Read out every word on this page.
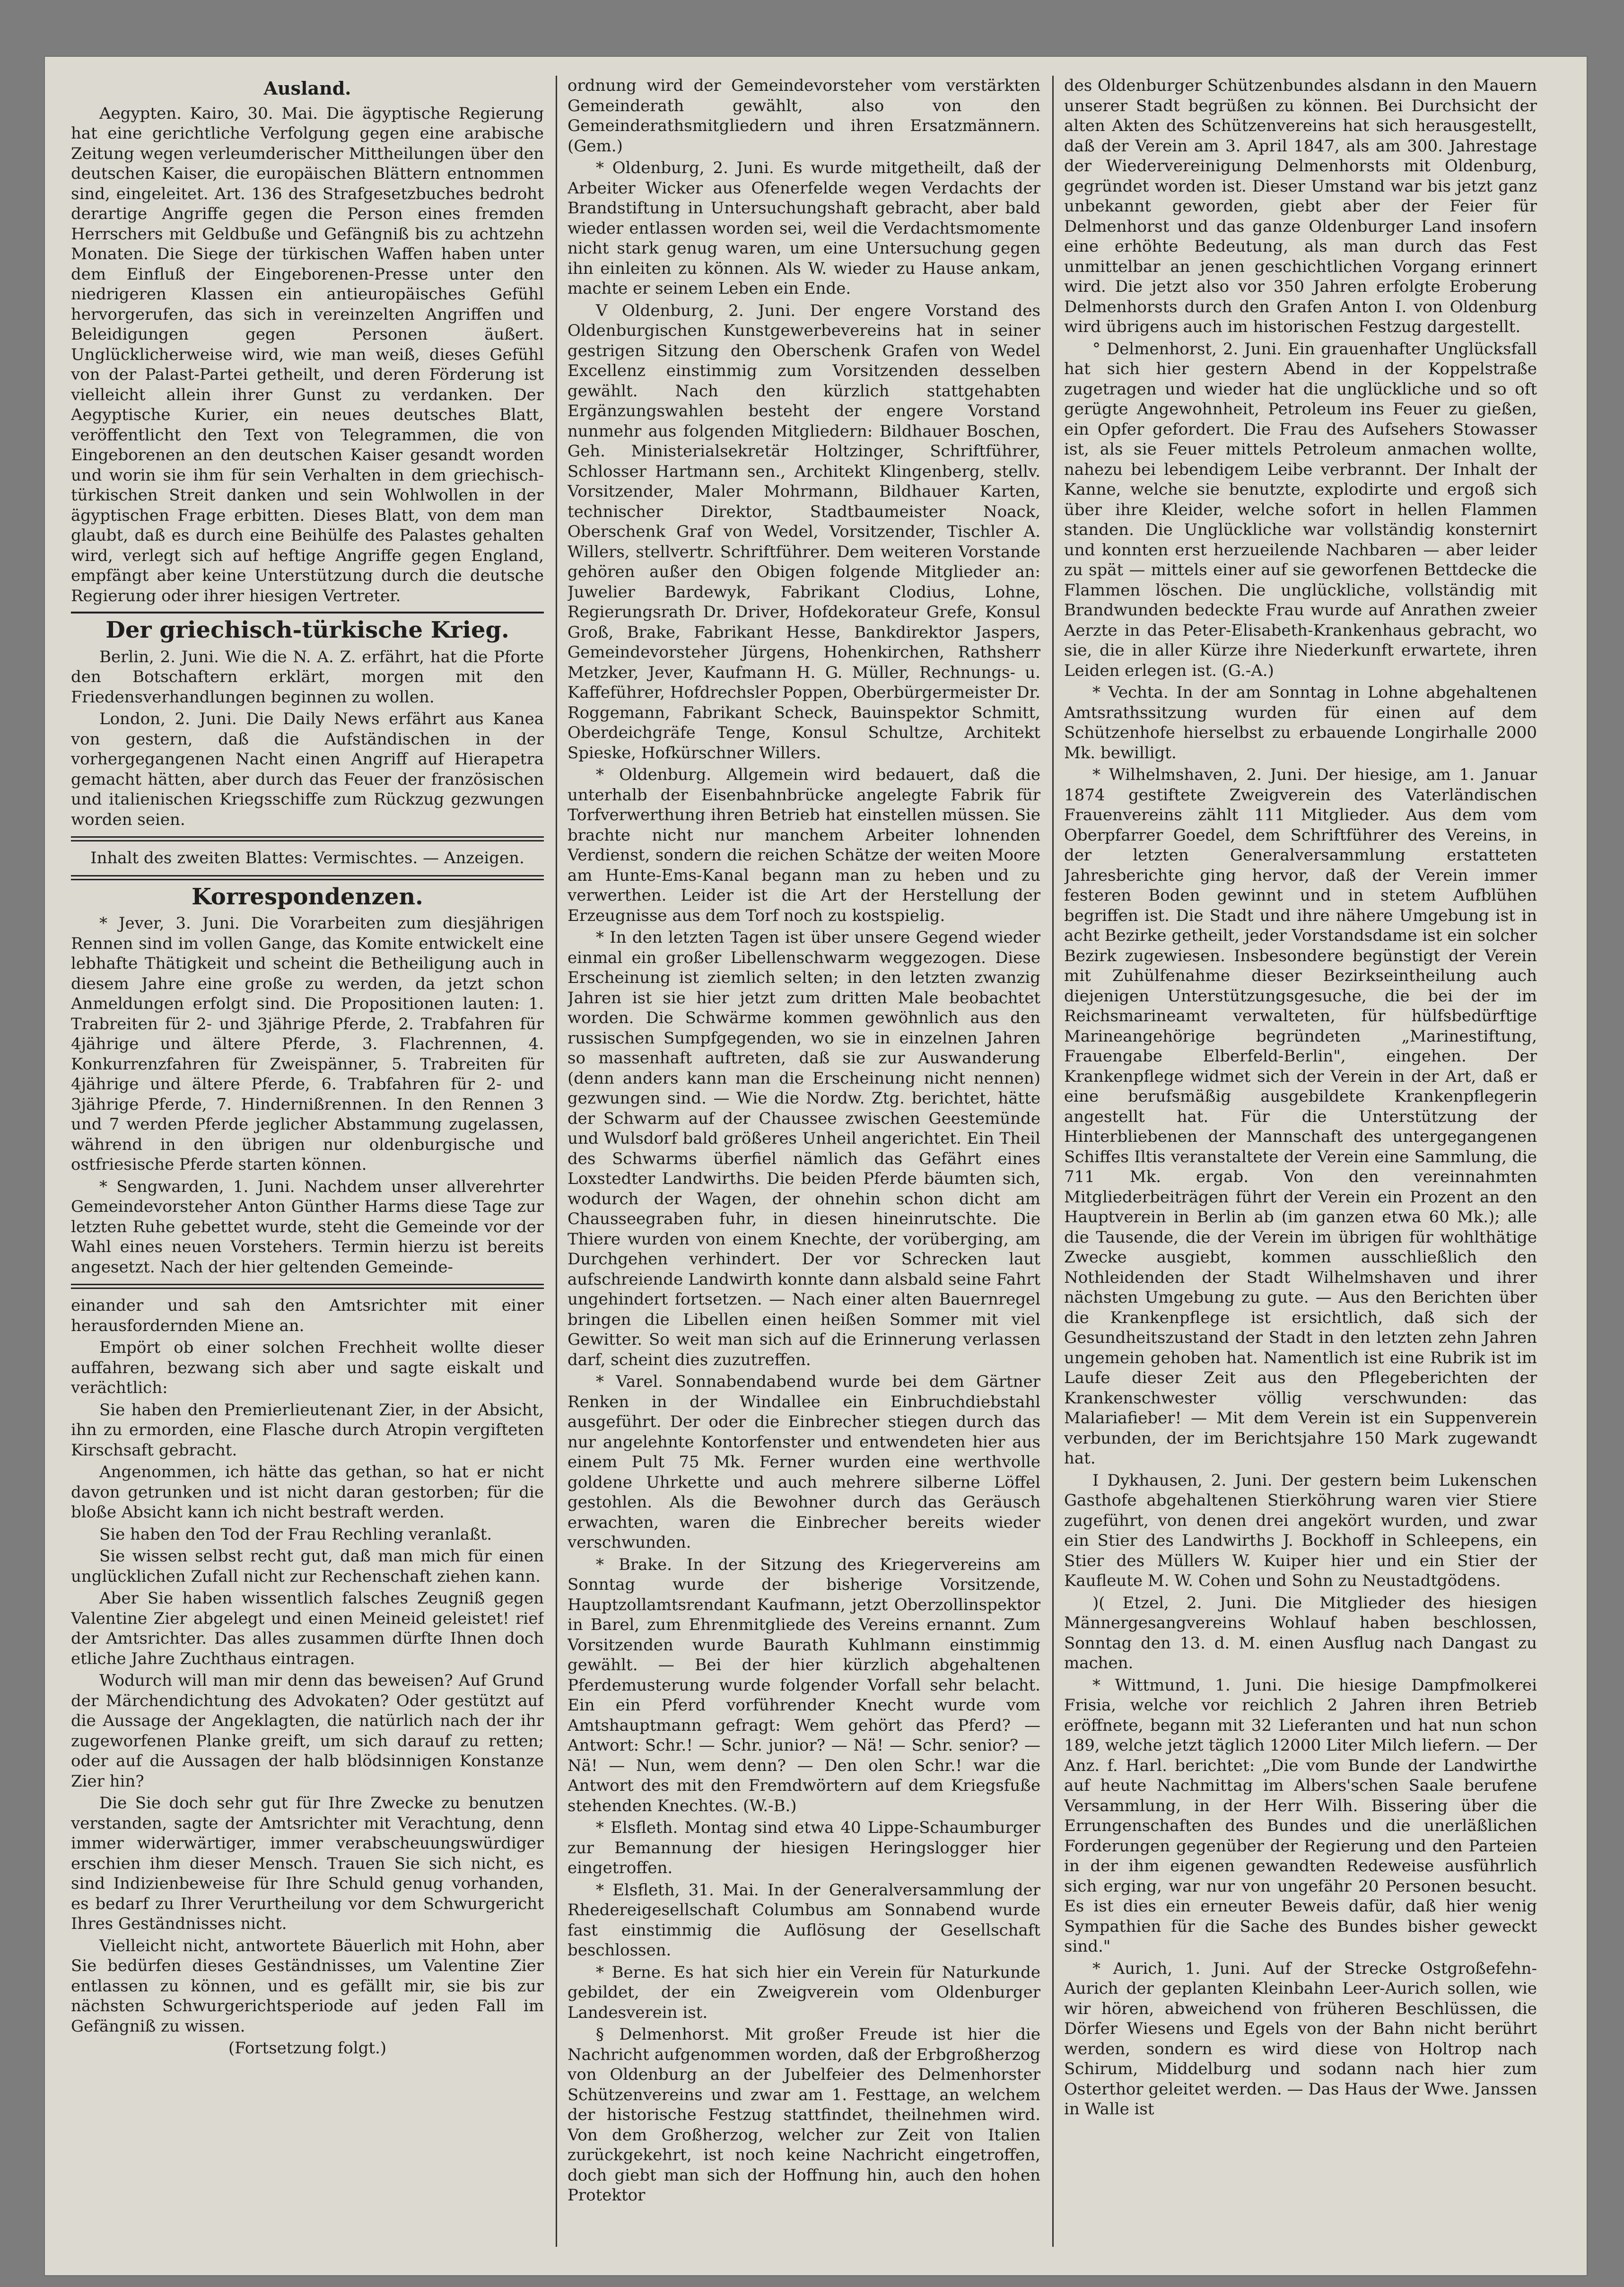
Ausland.

Aegypten. Kairo, 30. Mai. Die ägyptische Regierung hat eine gerichtliche Verfolgung gegen eine arabische Zeitung wegen verleumderischer Mittheilungen über den deutschen Kaiser, die europäischen Blättern entnommen sind, eingeleitet. Art. 136 des Strafgesetzbuches bedroht derartige Angriffe gegen die Person eines fremden Herrschers mit Geldbuße und Gefängniß bis zu achtzehn Monaten. Die Siege der türkischen Waffen haben unter dem Einfluß der Eingeborenen-Presse unter den niedrigeren Klassen ein antieuropäisches Gefühl hervorgerufen, das sich in vereinzelten Angriffen und Beleidigungen gegen Personen äußert. Unglücklicherweise wird, wie man weiß, dieses Gefühl von der Palast-Partei getheilt, und deren Förderung ist vielleicht allein ihrer Gunst zu verdanken. Der Aegyptische Kurier, ein neues deutsches Blatt, veröffentlicht den Text von Telegrammen, die von Eingeborenen an den deutschen Kaiser gesandt worden und worin sie ihm für sein Verhalten in dem griechisch-türkischen Streit danken und sein Wohlwollen in der ägyptischen Frage erbitten. Dieses Blatt, von dem man glaubt, daß es durch eine Beihülfe des Palastes gehalten wird, verlegt sich auf heftige Angriffe gegen England, empfängt aber keine Unterstützung durch die deutsche Regierung oder ihrer hiesigen Vertreter.

Der griechisch-türkische Krieg.

Berlin, 2. Juni. Wie die N. A. Z. erfährt, hat die Pforte den Botschaftern erklärt, morgen mit den Friedensverhandlungen beginnen zu wollen.

London, 2. Juni. Die Daily News erfährt aus Kanea von gestern, daß die Aufständischen in der vorhergegangenen Nacht einen Angriff auf Hierapetra gemacht hätten, aber durch das Feuer der französischen und italienischen Kriegsschiffe zum Rückzug gezwungen worden seien.

Inhalt des zweiten Blattes: Vermischtes. — Anzeigen.

Korrespondenzen.

* Jever, 3. Juni. Die Vorarbeiten zum diesjährigen Rennen sind im vollen Gange, das Komite entwickelt eine lebhafte Thätigkeit und scheint die Betheiligung auch in diesem Jahre eine große zu werden, da jetzt schon Anmeldungen erfolgt sind. Die Propositionen lauten: 1. Trabreiten für 2- und 3jährige Pferde, 2. Trabfahren für 4jährige und ältere Pferde, 3. Flachrennen, 4. Konkurrenzfahren für Zweispänner, 5. Trabreiten für 4jährige und ältere Pferde, 6. Trabfahren für 2- und 3jährige Pferde, 7. Hindernißrennen. In den Rennen 3 und 7 werden Pferde jeglicher Abstammung zugelassen, während in den übrigen nur oldenburgische und ostfriesische Pferde starten können.

* Sengwarden, 1. Juni. Nachdem unser allverehrter Gemeindevorsteher Anton Günther Harms diese Tage zur letzten Ruhe gebettet wurde, steht die Gemeinde vor der Wahl eines neuen Vorstehers. Termin hierzu ist bereits angesetzt. Nach der hier geltenden Gemeinde-

einander und sah den Amtsrichter mit einer herausfordernden Miene an.

Empört ob einer solchen Frechheit wollte dieser auffahren, bezwang sich aber und sagte eiskalt und verächtlich:

Sie haben den Premierlieutenant Zier, in der Absicht, ihn zu ermorden, eine Flasche durch Atropin vergifteten Kirschsaft gebracht.

Angenommen, ich hätte das gethan, so hat er nicht davon getrunken und ist nicht daran gestorben; für die bloße Absicht kann ich nicht bestraft werden.

Sie haben den Tod der Frau Rechling veranlaßt.

Sie wissen selbst recht gut, daß man mich für einen unglücklichen Zufall nicht zur Rechenschaft ziehen kann.

Aber Sie haben wissentlich falsches Zeugniß gegen Valentine Zier abgelegt und einen Meineid geleistet! rief der Amtsrichter. Das alles zusammen dürfte Ihnen doch etliche Jahre Zuchthaus eintragen.

Wodurch will man mir denn das beweisen? Auf Grund der Märchendichtung des Advokaten? Oder gestützt auf die Aussage der Angeklagten, die natürlich nach der ihr zugeworfenen Planke greift, um sich darauf zu retten; oder auf die Aussagen der halb blödsinnigen Konstanze Zier hin?

Die Sie doch sehr gut für Ihre Zwecke zu benutzen verstanden, sagte der Amtsrichter mit Verachtung, denn immer widerwärtiger, immer verabscheuungswürdiger erschien ihm dieser Mensch. Trauen Sie sich nicht, es sind Indizienbeweise für Ihre Schuld genug vorhanden, es bedarf zu Ihrer Verurtheilung vor dem Schwurgericht Ihres Geständnisses nicht.

Vielleicht nicht, antwortete Bäuerlich mit Hohn, aber Sie bedürfen dieses Geständnisses, um Valentine Zier entlassen zu können, und es gefällt mir, sie bis zur nächsten Schwurgerichtsperiode auf jeden Fall im Gefängniß zu wissen.

(Fortsetzung folgt.)

ordnung wird der Gemeindevorsteher vom verstärkten Gemeinderath gewählt, also von den Gemeinderathsmitgliedern und ihren Ersatzmännern. (Gem.)

* Oldenburg, 2. Juni. Es wurde mitgetheilt, daß der Arbeiter Wicker aus Ofenerfelde wegen Verdachts der Brandstiftung in Untersuchungshaft gebracht, aber bald wieder entlassen worden sei, weil die Verdachtsmomente nicht stark genug waren, um eine Untersuchung gegen ihn einleiten zu können. Als W. wieder zu Hause ankam, machte er seinem Leben ein Ende.

V Oldenburg, 2. Juni. Der engere Vorstand des Oldenburgischen Kunstgewerbevereins hat in seiner gestrigen Sitzung den Oberschenk Grafen von Wedel Excellenz einstimmig zum Vorsitzenden desselben gewählt. Nach den kürzlich stattgehabten Ergänzungswahlen besteht der engere Vorstand nunmehr aus folgenden Mitgliedern: Bildhauer Boschen, Geh. Ministerialsekretär Holtzinger, Schriftführer, Schlosser Hartmann sen., Architekt Klingenberg, stellv. Vorsitzender, Maler Mohrmann, Bildhauer Karten, technischer Direktor, Stadtbaumeister Noack, Oberschenk Graf von Wedel, Vorsitzender, Tischler A. Willers, stellvertr. Schriftführer. Dem weiteren Vorstande gehören außer den Obigen folgende Mitglieder an: Juwelier Bardewyk, Fabrikant Clodius, Lohne, Regierungsrath Dr. Driver, Hofdekorateur Grefe, Konsul Groß, Brake, Fabrikant Hesse, Bankdirektor Jaspers, Gemeindevorsteher Jürgens, Hohenkirchen, Rathsherr Metzker, Jever, Kaufmann H. G. Müller, Rechnungs- u. Kaffeführer, Hofdrechsler Poppen, Oberbürgermeister Dr. Roggemann, Fabrikant Scheck, Bauinspektor Schmitt, Oberdeichgräfe Tenge, Konsul Schultze, Architekt Spieske, Hofkürschner Willers.

* Oldenburg. Allgemein wird bedauert, daß die unterhalb der Eisenbahnbrücke angelegte Fabrik für Torfverwerthung ihren Betrieb hat einstellen müssen. Sie brachte nicht nur manchem Arbeiter lohnenden Verdienst, sondern die reichen Schätze der weiten Moore am Hunte-Ems-Kanal begann man zu heben und zu verwerthen. Leider ist die Art der Herstellung der Erzeugnisse aus dem Torf noch zu kostspielig.

* In den letzten Tagen ist über unsere Gegend wieder einmal ein großer Libellenschwarm weggezogen. Diese Erscheinung ist ziemlich selten; in den letzten zwanzig Jahren ist sie hier jetzt zum dritten Male beobachtet worden. Die Schwärme kommen gewöhnlich aus den russischen Sumpfgegenden, wo sie in einzelnen Jahren so massenhaft auftreten, daß sie zur Auswanderung (denn anders kann man die Erscheinung nicht nennen) gezwungen sind. — Wie die Nordw. Ztg. berichtet, hätte der Schwarm auf der Chaussee zwischen Geestemünde und Wulsdorf bald größeres Unheil angerichtet. Ein Theil des Schwarms überfiel nämlich das Gefährt eines Loxstedter Landwirths. Die beiden Pferde bäumten sich, wodurch der Wagen, der ohnehin schon dicht am Chausseegraben fuhr, in diesen hineinrutschte. Die Thiere wurden von einem Knechte, der vorüberging, am Durchgehen verhindert. Der vor Schrecken laut aufschreiende Landwirth konnte dann alsbald seine Fahrt ungehindert fortsetzen. — Nach einer alten Bauernregel bringen die Libellen einen heißen Sommer mit viel Gewitter. So weit man sich auf die Erinnerung verlassen darf, scheint dies zuzutreffen.

* Varel. Sonnabendabend wurde bei dem Gärtner Renken in der Windallee ein Einbruchdiebstahl ausgeführt. Der oder die Einbrecher stiegen durch das nur angelehnte Kontorfenster und entwendeten hier aus einem Pult 75 Mk. Ferner wurden eine werthvolle goldene Uhrkette und auch mehrere silberne Löffel gestohlen. Als die Bewohner durch das Geräusch erwachten, waren die Einbrecher bereits wieder verschwunden.

* Brake. In der Sitzung des Kriegervereins am Sonntag wurde der bisherige Vorsitzende, Hauptzollamtsrendant Kaufmann, jetzt Oberzollinspektor in Barel, zum Ehrenmitgliede des Vereins ernannt. Zum Vorsitzenden wurde Baurath Kuhlmann einstimmig gewählt. — Bei der hier kürzlich abgehaltenen Pferdemusterung wurde folgender Vorfall sehr belacht. Ein ein Pferd vorführender Knecht wurde vom Amtshauptmann gefragt: Wem gehört das Pferd? — Antwort: Schr.! — Schr. junior? — Nä! — Schr. senior? — Nä! — Nun, wem denn? — Den olen Schr.! war die Antwort des mit den Fremdwörtern auf dem Kriegsfuße stehenden Knechtes. (W.-B.)

* Elsfleth. Montag sind etwa 40 Lippe-Schaumburger zur Bemannung der hiesigen Heringslogger hier eingetroffen.

* Elsfleth, 31. Mai. In der Generalversammlung der Rhedereigesellschaft Columbus am Sonnabend wurde fast einstimmig die Auflösung der Gesellschaft beschlossen.

* Berne. Es hat sich hier ein Verein für Naturkunde gebildet, der ein Zweigverein vom Oldenburger Landesverein ist.

§ Delmenhorst. Mit großer Freude ist hier die Nachricht aufgenommen worden, daß der Erbgroßherzog von Oldenburg an der Jubelfeier des Delmenhorster Schützenvereins und zwar am 1. Festtage, an welchem der historische Festzug stattfindet, theilnehmen wird. Von dem Großherzog, welcher zur Zeit von Italien zurückgekehrt, ist noch keine Nachricht eingetroffen, doch giebt man sich der Hoffnung hin, auch den hohen Protektor

des Oldenburger Schützenbundes alsdann in den Mauern unserer Stadt begrüßen zu können. Bei Durchsicht der alten Akten des Schützenvereins hat sich herausgestellt, daß der Verein am 3. April 1847, als am 300. Jahrestage der Wiedervereinigung Delmenhorsts mit Oldenburg, gegründet worden ist. Dieser Umstand war bis jetzt ganz unbekannt geworden, giebt aber der Feier für Delmenhorst und das ganze Oldenburger Land insofern eine erhöhte Bedeutung, als man durch das Fest unmittelbar an jenen geschichtlichen Vorgang erinnert wird. Die jetzt also vor 350 Jahren erfolgte Eroberung Delmenhorsts durch den Grafen Anton I. von Oldenburg wird übrigens auch im historischen Festzug dargestellt.

° Delmenhorst, 2. Juni. Ein grauenhafter Unglücksfall hat sich hier gestern Abend in der Koppelstraße zugetragen und wieder hat die unglückliche und so oft gerügte Angewohnheit, Petroleum ins Feuer zu gießen, ein Opfer gefordert. Die Frau des Aufsehers Stowasser ist, als sie Feuer mittels Petroleum anmachen wollte, nahezu bei lebendigem Leibe verbrannt. Der Inhalt der Kanne, welche sie benutzte, explodirte und ergoß sich über ihre Kleider, welche sofort in hellen Flammen standen. Die Unglückliche war vollständig konsternirt und konnten erst herzueilende Nachbaren — aber leider zu spät — mittels einer auf sie geworfenen Bettdecke die Flammen löschen. Die unglückliche, vollständig mit Brandwunden bedeckte Frau wurde auf Anrathen zweier Aerzte in das Peter-Elisabeth-Krankenhaus gebracht, wo sie, die in aller Kürze ihre Niederkunft erwartete, ihren Leiden erlegen ist. (G.-A.)

* Vechta. In der am Sonntag in Lohne abgehaltenen Amtsrathssitzung wurden für einen auf dem Schützenhofe hierselbst zu erbauende Longirhalle 2000 Mk. bewilligt.

* Wilhelmshaven, 2. Juni. Der hiesige, am 1. Januar 1874 gestiftete Zweigverein des Vaterländischen Frauenvereins zählt 111 Mitglieder. Aus dem vom Oberpfarrer Goedel, dem Schriftführer des Vereins, in der letzten Generalversammlung erstatteten Jahresberichte ging hervor, daß der Verein immer festeren Boden gewinnt und in stetem Aufblühen begriffen ist. Die Stadt und ihre nähere Umgebung ist in acht Bezirke getheilt, jeder Vorstandsdame ist ein solcher Bezirk zugewiesen. Insbesondere begünstigt der Verein mit Zuhülfenahme dieser Bezirkseintheilung auch diejenigen Unterstützungsgesuche, die bei der im Reichsmarineamt verwalteten, für hülfsbedürftige Marineangehörige begründeten „Marinestiftung, Frauengabe Elberfeld-Berlin", eingehen. Der Krankenpflege widmet sich der Verein in der Art, daß er eine berufsmäßig ausgebildete Krankenpflegerin angestellt hat. Für die Unterstützung der Hinterbliebenen der Mannschaft des untergegangenen Schiffes Iltis veranstaltete der Verein eine Sammlung, die 711 Mk. ergab. Von den vereinnahmten Mitgliederbeiträgen führt der Verein ein Prozent an den Hauptverein in Berlin ab (im ganzen etwa 60 Mk.); alle die Tausende, die der Verein im übrigen für wohlthätige Zwecke ausgiebt, kommen ausschließlich den Nothleidenden der Stadt Wilhelmshaven und ihrer nächsten Umgebung zu gute. — Aus den Berichten über die Krankenpflege ist ersichtlich, daß sich der Gesundheitszustand der Stadt in den letzten zehn Jahren ungemein gehoben hat. Namentlich ist eine Rubrik ist im Laufe dieser Zeit aus den Pflegeberichten der Krankenschwester völlig verschwunden: das Malariafieber! — Mit dem Verein ist ein Suppenverein verbunden, der im Berichtsjahre 150 Mark zugewandt hat.

I Dykhausen, 2. Juni. Der gestern beim Lukenschen Gasthofe abgehaltenen Stierköhrung waren vier Stiere zugeführt, von denen drei angekört wurden, und zwar ein Stier des Landwirths J. Bockhoff in Schleepens, ein Stier des Müllers W. Kuiper hier und ein Stier der Kaufleute M. W. Cohen und Sohn zu Neustadtgödens.

)( Etzel, 2. Juni. Die Mitglieder des hiesigen Männergesangvereins Wohlauf haben beschlossen, Sonntag den 13. d. M. einen Ausflug nach Dangast zu machen.

* Wittmund, 1. Juni. Die hiesige Dampfmolkerei Frisia, welche vor reichlich 2 Jahren ihren Betrieb eröffnete, begann mit 32 Lieferanten und hat nun schon 189, welche jetzt täglich 12000 Liter Milch liefern. — Der Anz. f. Harl. berichtet: „Die vom Bunde der Landwirthe auf heute Nachmittag im Albers'schen Saale berufene Versammlung, in der Herr Wilh. Bissering über die Errungenschaften des Bundes und die unerläßlichen Forderungen gegenüber der Regierung und den Parteien in der ihm eigenen gewandten Redeweise ausführlich sich erging, war nur von ungefähr 20 Personen besucht. Es ist dies ein erneuter Beweis dafür, daß hier wenig Sympathien für die Sache des Bundes bisher geweckt sind."

* Aurich, 1. Juni. Auf der Strecke Ostgroßefehn-Aurich der geplanten Kleinbahn Leer-Aurich sollen, wie wir hören, abweichend von früheren Beschlüssen, die Dörfer Wiesens und Egels von der Bahn nicht berührt werden, sondern es wird diese von Holtrop nach Schirum, Middelburg und sodann nach hier zum Osterthor geleitet werden. — Das Haus der Wwe. Janssen in Walle ist
